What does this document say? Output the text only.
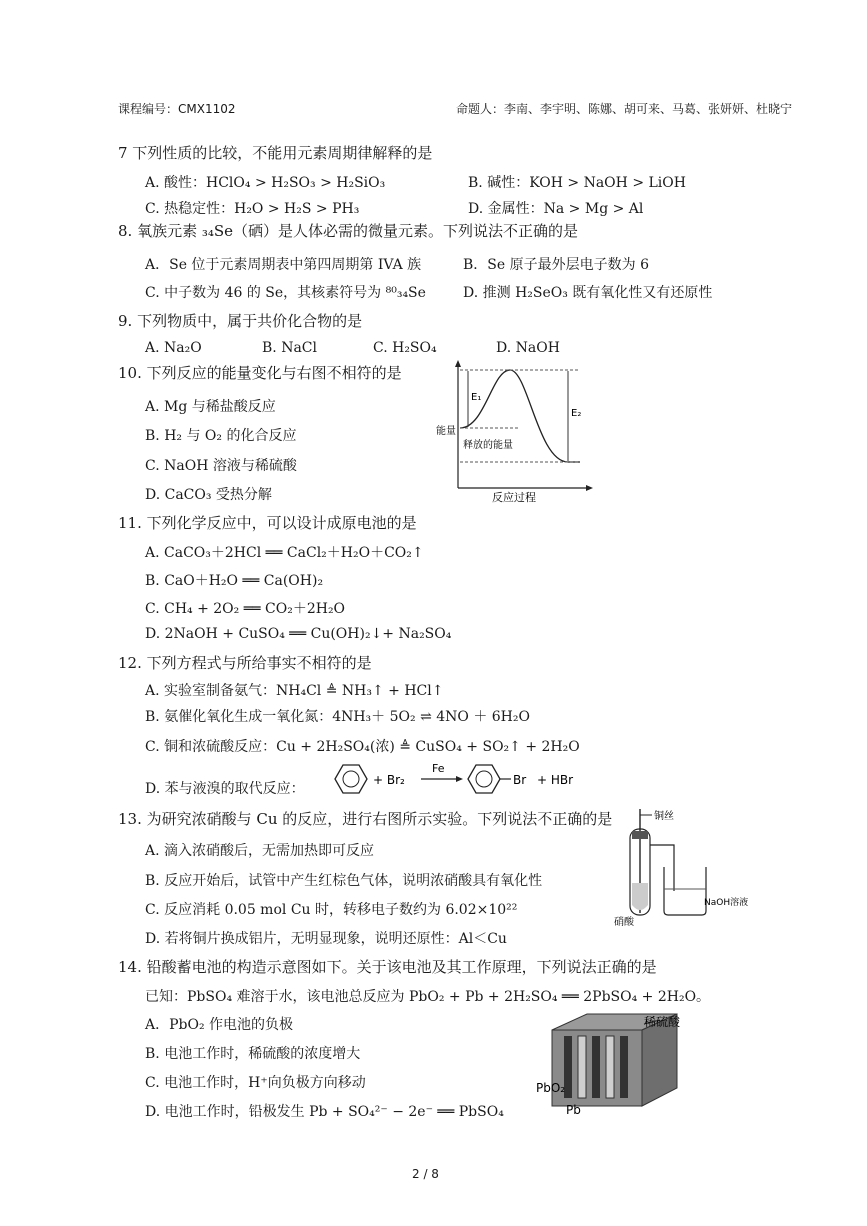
课程编号：CMX1102	命题人：李南、李宇明、陈娜、胡可来、马葛、张妍妍、杜晓宁
7 下列性质的比较，不能用元素周期律解释的是
A. 酸性：HClO₄ > H₂SO₃ > H₂SiO₃	B. 碱性：KOH > NaOH > LiOH
C. 热稳定性：H₂O > H₂S > PH₃	D. 金属性：Na > Mg > Al
8. 氧族元素 ₃₄Se（硒）是人体必需的微量元素。下列说法不正确的是
A．Se 位于元素周期表中第四周期第 IVA 族	B．Se 原子最外层电子数为 6
C. 中子数为 46 的 Se，其核素符号为 ⁸⁰₃₄Se	D. 推测 H₂SeO₃ 既有氧化性又有还原性
9. 下列物质中，属于共价化合物的是
A. Na₂O	B. NaCl	C. H₂SO₄	D. NaOH
10. 下列反应的能量变化与右图不相符的是
A. Mg 与稀盐酸反应
B. H₂ 与 O₂ 的化合反应
C. NaOH 溶液与稀硫酸
D. CaCO₃ 受热分解
E₁
E₂
释放的能量
能量
反应过程
11. 下列化学反应中，可以设计成原电池的是
A. CaCO₃＋2HCl ══ CaCl₂＋H₂O＋CO₂↑
B. CaO＋H₂O ══ Ca(OH)₂
C. CH₄ + 2O₂ ══ CO₂＋2H₂O
D. 2NaOH + CuSO₄ ══ Cu(OH)₂↓+ Na₂SO₄
12. 下列方程式与所给事实不相符的是
A. 实验室制备氨气：NH₄Cl ≜ NH₃↑ + HCl↑
B. 氨催化氧化生成一氧化氮：4NH₃＋ 5O₂ ⇌ 4NO ＋ 6H₂O
C. 铜和浓硫酸反应：Cu + 2H₂SO₄(浓) ≜ CuSO₄ + SO₂↑ + 2H₂O
D. 苯与液溴的取代反应：
+ Br₂
Fe
Br + HBr
13. 为研究浓硝酸与 Cu 的反应，进行右图所示实验。下列说法不正确的是
A. 滴入浓硝酸后，无需加热即可反应
B. 反应开始后，试管中产生红棕色气体，说明浓硝酸具有氧化性
C. 反应消耗 0.05 mol Cu 时，转移电子数约为 6.02×10²²
D. 若将铜片换成铝片，无明显现象，说明还原性：Al＜Cu
铜丝
NaOH溶液
硝酸
14. 铅酸蓄电池的构造示意图如下。关于该电池及其工作原理，下列说法正确的是
已知：PbSO₄ 难溶于水，该电池总反应为 PbO₂ + Pb + 2H₂SO₄ ══ 2PbSO₄ + 2H₂O。
A．PbO₂ 作电池的负极
B. 电池工作时，稀硫酸的浓度增大
C. 电池工作时，H⁺向负极方向移动
D. 电池工作时，铅极发生 Pb + SO₄²⁻ − 2e⁻ ══ PbSO₄
稀硫酸
PbO₂
Pb
2 / 8
